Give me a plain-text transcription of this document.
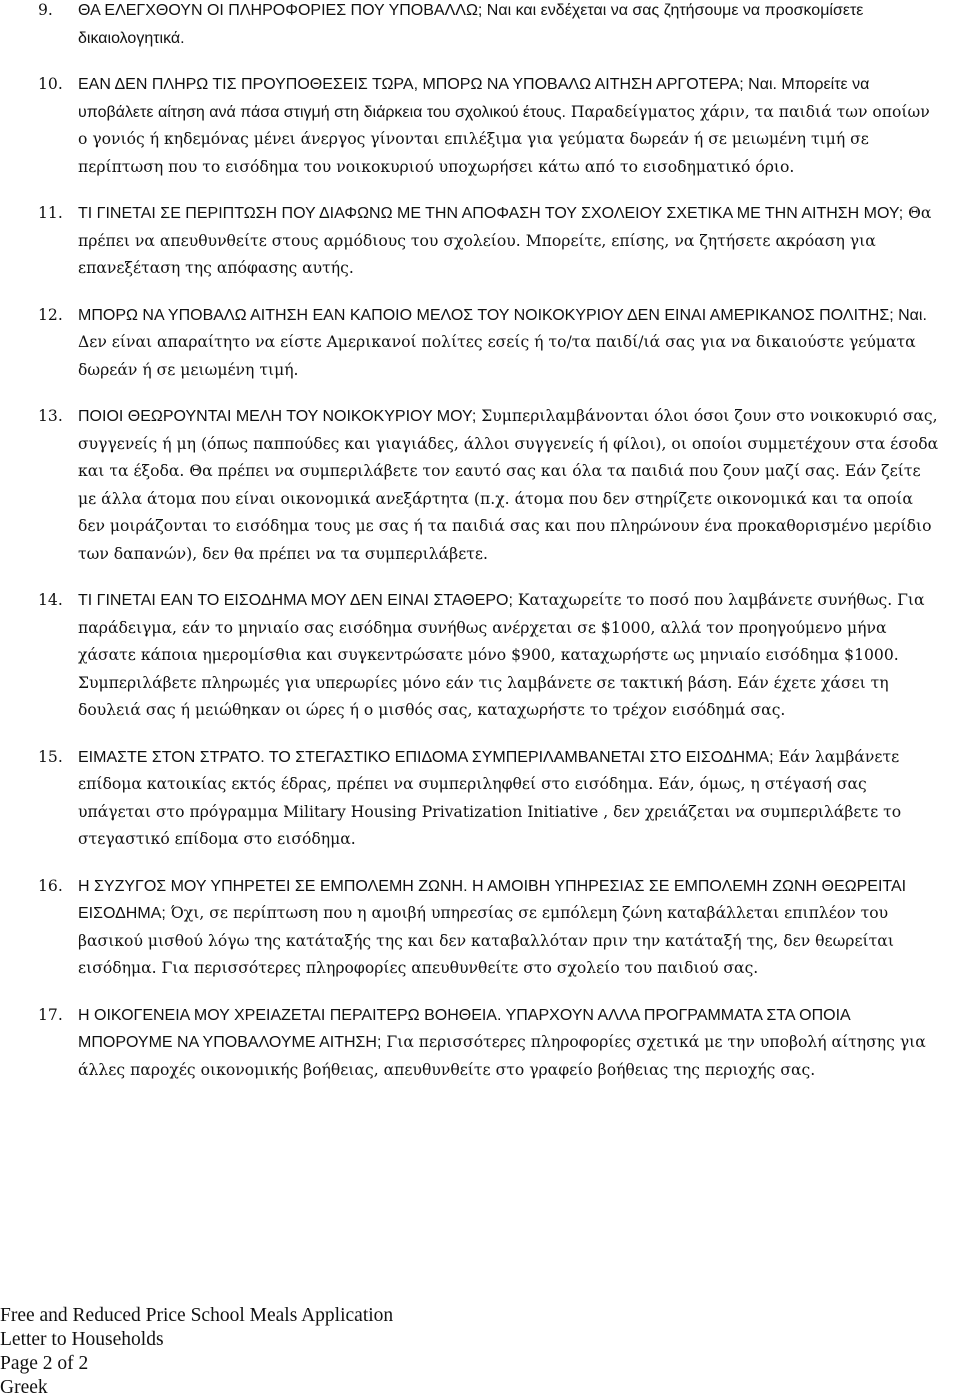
9. ΘΑ ΕΛΕΓΧΘΟΥΝ ΟΙ ΠΛΗΡΟΦΟΡΙΕΣ ΠΟΥ ΥΠΟΒΑΛΛΩ; Ναι και ενδέχεται να σας ζητήσουμε να προσκομίσετε δικαιολογητικά.
10. ΕΑΝ ΔΕΝ ΠΛΗΡΩ ΤΙΣ ΠΡΟΥΠΟΘΕΣΕΙΣ ΤΩΡΑ, ΜΠΟΡΩ ΝΑ ΥΠΟΒΑΛΩ ΑΙΤΗΣΗ ΑΡΓΟΤΕΡΑ; Ναι. Μπορείτε να υποβάλετε αίτηση ανά πάσα στιγμή στη διάρκεια του σχολικού έτους. Παραδείγματος χάριν, τα παιδιά των οποίων ο γονιός ή κηδεμόνας μένει άνεργος γίνονται επιλέξιμα για γεύματα δωρεάν ή σε μειωμένη τιμή σε περίπτωση που το εισόδημα του νοικοκυριού υποχωρήσει κάτω από το εισοδηματικό όριο.
11. ΤΙ ΓΙΝΕΤΑΙ ΣΕ ΠΕΡΙΠΤΩΣΗ ΠΟΥ ΔΙΑΦΩΝΩ ΜΕ ΤΗΝ ΑΠΟΦΑΣΗ ΤΟΥ ΣΧΟΛΕΙΟΥ ΣΧΕΤΙΚΑ ΜΕ ΤΗΝ ΑΙΤΗΣΗ ΜΟΥ; Θα πρέπει να απευθυνθείτε στους αρμόδιους του σχολείου. Μπορείτε, επίσης, να ζητήσετε ακρόαση για επανεξέταση της απόφασης αυτής.
12. ΜΠΟΡΩ ΝΑ ΥΠΟΒΑΛΩ ΑΙΤΗΣΗ ΕΑΝ ΚΑΠΟΙΟ ΜΕΛΟΣ ΤΟΥ ΝΟΙΚΟΚΥΡΙΟΥ ΔΕΝ ΕΙΝΑΙ ΑΜΕΡΙΚΑΝΟΣ ΠΟΛΙΤΗΣ; Ναι. Δεν είναι απαραίτητο να είστε Αμερικανοί πολίτες εσείς ή το/τα παιδί/ιά σας για να δικαιούστε γεύματα δωρεάν ή σε μειωμένη τιμή.
13. ΠΟΙΟΙ ΘΕΩΡΟΥΝΤΑΙ ΜΕΛΗ ΤΟΥ ΝΟΙΚΟΚΥΡΙΟΥ ΜΟΥ; Συμπεριλαμβάνονται όλοι όσοι ζουν στο νοικοκυριό σας, συγγενείς ή μη (όπως παππούδες και γιαγιάδες, άλλοι συγγενείς ή φίλοι), οι οποίοι συμμετέχουν στα έσοδα και τα έξοδα. Θα πρέπει να συμπεριλάβετε τον εαυτό σας και όλα τα παιδιά που ζουν μαζί σας. Εάν ζείτε με άλλα άτομα που είναι οικονομικά ανεξάρτητα (π.χ. άτομα που δεν στηρίζετε οικονομικά και τα οποία δεν μοιράζονται το εισόδημα τους με σας ή τα παιδιά σας και που πληρώνουν ένα προκαθορισμένο μερίδιο των δαπανών), δεν θα πρέπει να τα συμπεριλάβετε.
14. ΤΙ ΓΙΝΕΤΑΙ ΕΑΝ ΤΟ ΕΙΣΟΔΗΜΑ ΜΟΥ ΔΕΝ ΕΙΝΑΙ ΣΤΑΘΕΡΟ; Καταχωρείτε το ποσό που λαμβάνετε συνήθως. Για παράδειγμα, εάν το μηνιαίο σας εισόδημα συνήθως ανέρχεται σε $1000, αλλά τον προηγούμενο μήνα χάσατε κάποια ημερομίσθια και συγκεντρώσατε μόνο $900, καταχωρήστε ως μηνιαίο εισόδημα $1000. Συμπεριλάβετε πληρωμές για υπερωρίες μόνο εάν τις λαμβάνετε σε τακτική βάση. Εάν έχετε χάσει τη δουλειά σας ή μειώθηκαν οι ώρες ή ο μισθός σας, καταχωρήστε το τρέχον εισόδημά σας.
15. ΕΙΜΑΣΤΕ ΣΤΟΝ ΣΤΡΑΤΟ. ΤΟ ΣΤΕΓΑΣΤΙΚΟ ΕΠΙΔΟΜΑ ΣΥΜΠΕΡΙΛΑΜΒΑΝΕΤΑΙ ΣΤΟ ΕΙΣΟΔΗΜΑ; Εάν λαμβάνετε επίδομα κατοικίας εκτός έδρας, πρέπει να συμπεριληφθεί στο εισόδημα. Εάν, όμως, η στέγασή σας υπάγεται στο πρόγραμμα Military Housing Privatization Initiative , δεν χρειάζεται να συμπεριλάβετε το στεγαστικό επίδομα στο εισόδημα.
16. Η ΣΥΖΥΓΟΣ ΜΟΥ ΥΠΗΡΕΤΕΙ ΣΕ ΕΜΠΟΛΕΜΗ ΖΩΝΗ. Η ΑΜΟΙΒΗ ΥΠΗΡΕΣΙΑΣ ΣΕ ΕΜΠΟΛΕΜΗ ΖΩΝΗ ΘΕΩΡΕΙΤΑΙ ΕΙΣΟΔΗΜΑ; Όχι, σε περίπτωση που η αμοιβή υπηρεσίας σε εμπόλεμη ζώνη καταβάλλεται επιπλέον του βασικού μισθού λόγω της κατάταξής της και δεν καταβαλλόταν πριν την κατάταξή της, δεν θεωρείται εισόδημα. Για περισσότερες πληροφορίες απευθυνθείτε στο σχολείο του παιδιού σας.
17. Η ΟΙΚΟΓΕΝΕΙΑ ΜΟΥ ΧΡΕΙΑΖΕΤΑΙ ΠΕΡΑΙΤΕΡΩ ΒΟΗΘΕΙΑ. ΥΠΑΡΧΟΥΝ ΑΛΛΑ ΠΡΟΓΡΑΜΜΑΤΑ ΣΤΑ ΟΠΟΙΑ ΜΠΟΡΟΥΜΕ ΝΑ ΥΠΟΒΑΛΟΥΜΕ ΑΙΤΗΣΗ; Για περισσότερες πληροφορίες σχετικά με την υποβολή αίτησης για άλλες παροχές οικονομικής βοήθειας, απευθυνθείτε στο γραφείο βοήθειας της περιοχής σας.
Free and Reduced Price School Meals Application
Letter to Households
Page 2 of 2
Greek
